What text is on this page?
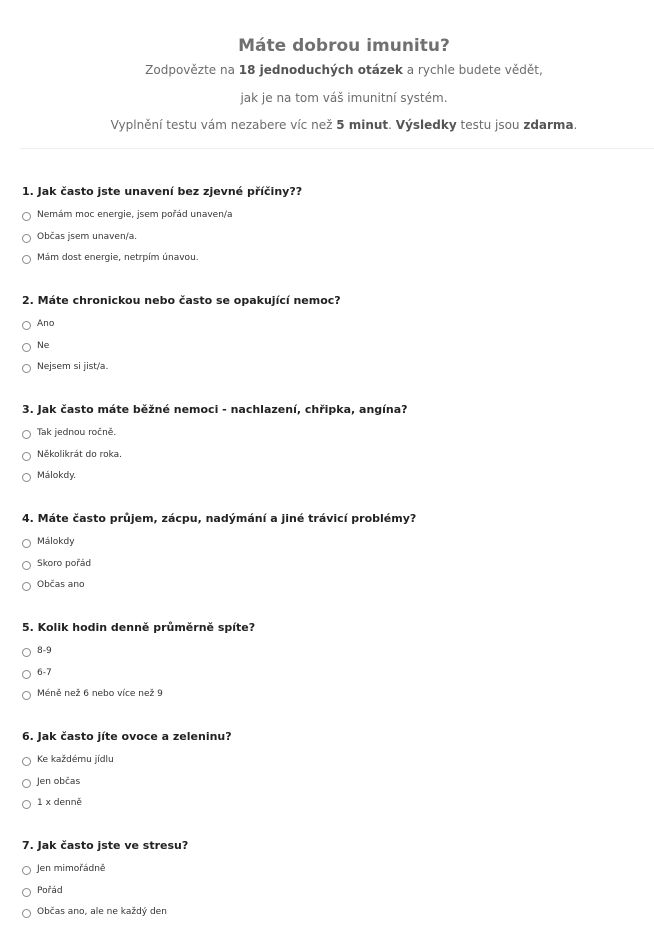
Máte dobrou imunitu?
Zodpovězte na 18 jednoduchých otázek a rychle budete vědět,
jak je na tom váš imunitní systém.
Vyplnění testu vám nezabere víc než 5 minut. Výsledky testu jsou zdarma.
1. Jak často jste unavení bez zjevné příčiny??
Nemám moc energie, jsem pořád unaven/a
Občas jsem unaven/a.
Mám dost energie, netrpím únavou.
2. Máte chronickou nebo často se opakující nemoc?
Ano
Ne
Nejsem si jist/a.
3. Jak často máte běžné nemoci - nachlazení, chřipka, angína?
Tak jednou ročně.
Několikrát do roka.
Málokdy.
4. Máte často průjem, zácpu, nadýmání a jiné trávicí problémy?
Málokdy
Skoro pořád
Občas ano
5. Kolik hodin denně průměrně spíte?
8-9
6-7
Méně než 6 nebo více než 9
6. Jak často jíte ovoce a zeleninu?
Ke každému jídlu
Jen občas
1 x denně
7. Jak často jste ve stresu?
Jen mimořádně
Pořád
Občas ano, ale ne každý den
